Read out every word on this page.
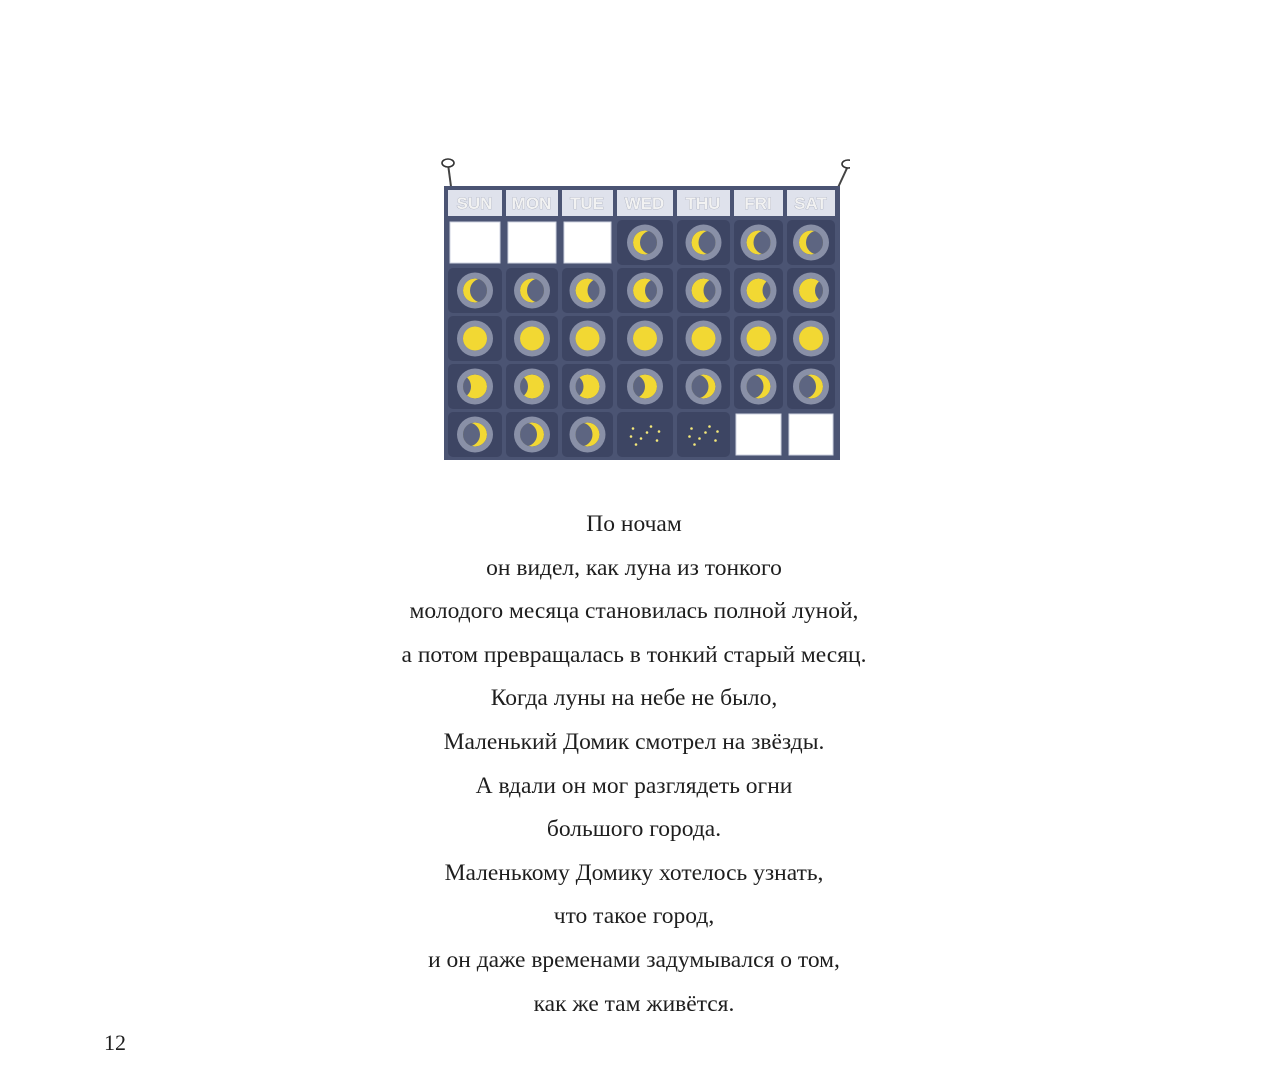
SUN MON TUE WED THU FRI SAT
По ночам
он видел, как луна из тонкого
молодого месяца становилась полной луной,
а потом превращалась в тонкий старый месяц.
Когда луны на небе не было,
Маленький Домик смотрел на звёзды.
А вдали он мог разглядеть огни
большого города.
Маленькому Домику хотелось узнать,
что такое город,
и он даже временами задумывался о том,
как же там живётся.
12
